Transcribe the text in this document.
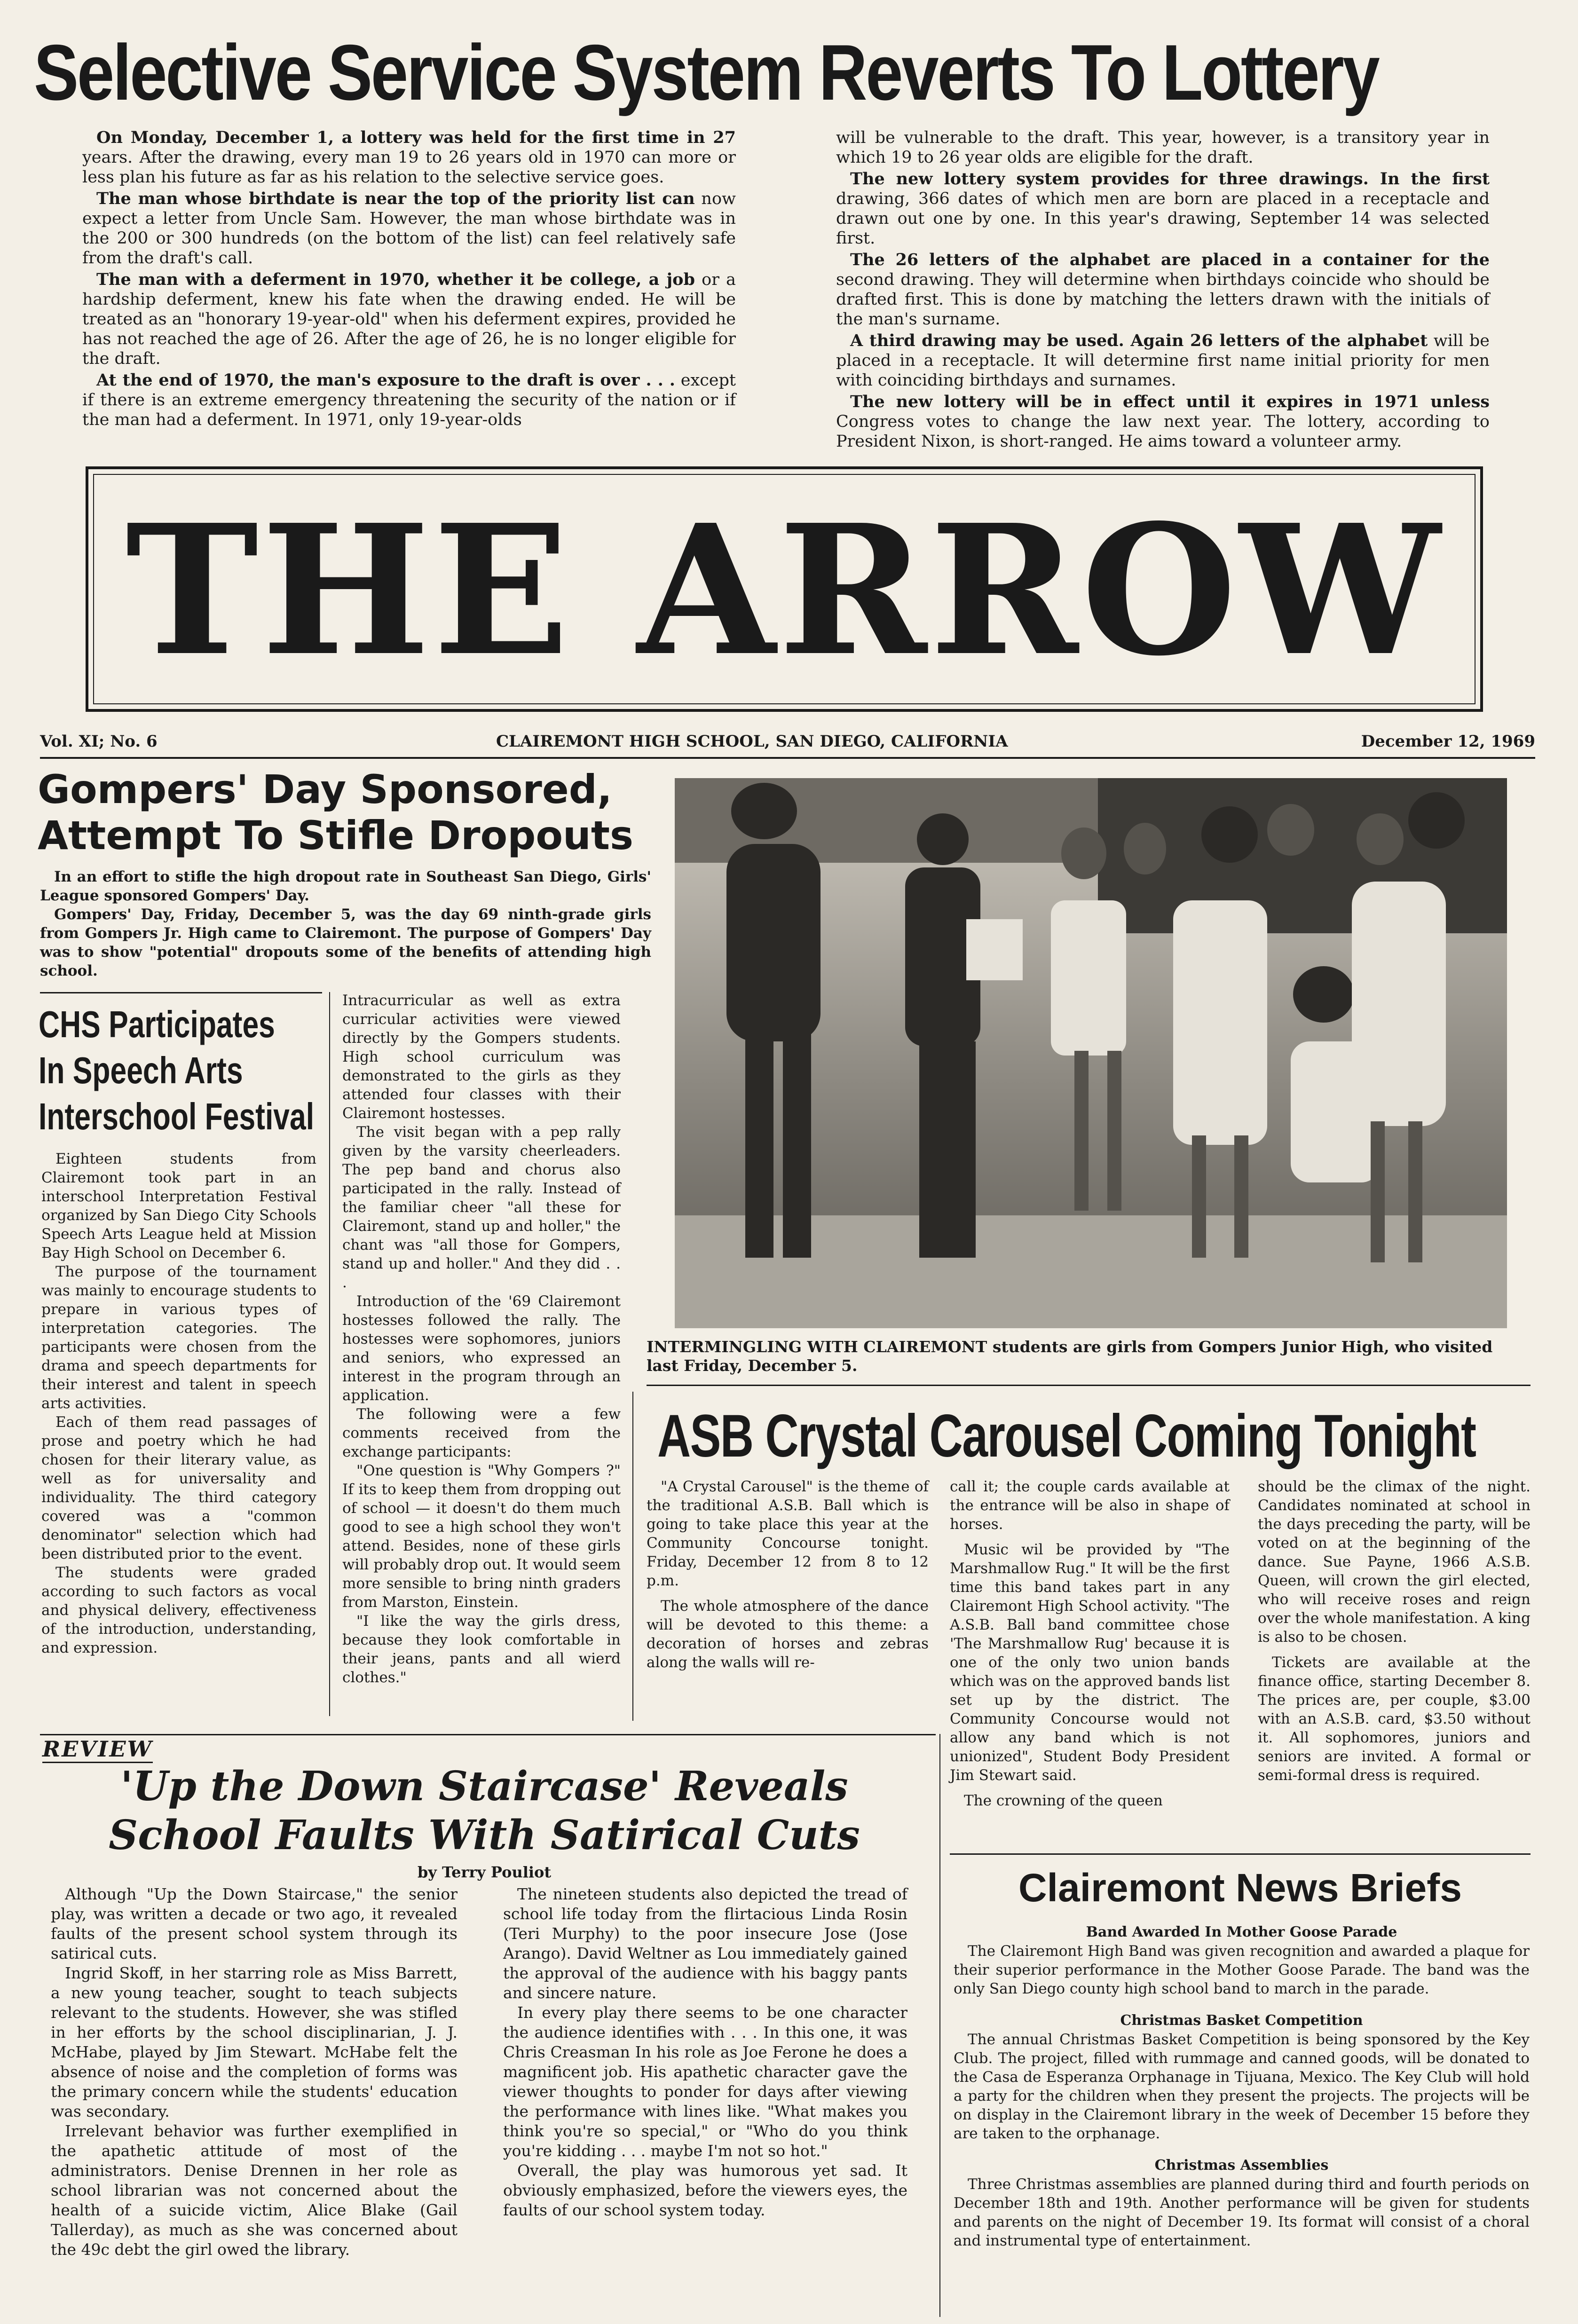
Selective Service System Reverts To Lottery

On Monday, December 1, a lottery was held for the first time in 27 years. After the drawing, every man 19 to 26 years old in 1970 can more or less plan his future as far as his relation to the selective service goes.

The man whose birthdate is near the top of the priority list can now expect a letter from Uncle Sam. However, the man whose birthdate was in the 200 or 300 hundreds (on the bottom of the list) can feel relatively safe from the draft's call.

The man with a deferment in 1970, whether it be college, a job or a hardship deferment, knew his fate when the drawing ended. He will be treated as an "honorary 19-year-old" when his deferment expires, provided he has not reached the age of 26. After the age of 26, he is no longer eligible for the draft.

At the end of 1970, the man's exposure to the draft is over . . . except if there is an extreme emergency threatening the security of the nation or if the man had a deferment. In 1971, only 19-year-olds

will be vulnerable to the draft. This year, however, is a transitory year in which 19 to 26 year olds are eligible for the draft.

The new lottery system provides for three drawings. In the first drawing, 366 dates of which men are born are placed in a receptacle and drawn out one by one. In this year's drawing, September 14 was selected first.

The 26 letters of the alphabet are placed in a container for the second drawing. They will determine when birthdays coincide who should be drafted first. This is done by matching the letters drawn with the initials of the man's surname.

A third drawing may be used. Again 26 letters of the alphabet will be placed in a receptacle. It will determine first name initial priority for men with coinciding birthdays and surnames.

The new lottery will be in effect until it expires in 1971 unless Congress votes to change the law next year. The lottery, according to President Nixon, is short-ranged. He aims toward a volunteer army.

THE ARROW
Vol. XI; No. 6	CLAIREMONT HIGH SCHOOL, SAN DIEGO, CALIFORNIA	December 12, 1969
Gompers' Day Sponsored,
Attempt To Stifle Dropouts

In an effort to stifle the high dropout rate in Southeast San Diego, Girls' League sponsored Gompers' Day.

Gompers' Day, Friday, December 5, was the day 69 ninth-grade girls from Gompers Jr. High came to Clairemont. The purpose of Gompers' Day was to show "potential" dropouts some of the benefits of attending high school.

Intracurricular as well as extra curricular activities were viewed directly by the Gompers students. High school curriculum was demonstrated to the girls as they attended four classes with their Clairemont hostesses.

The visit began with a pep rally given by the varsity cheerleaders. The pep band and chorus also participated in the rally. Instead of the familiar cheer "all these for Clairemont, stand up and holler," the chant was "all those for Gompers, stand up and holler." And they did . . .

Introduction of the '69 Clairemont hostesses followed the rally. The hostesses were sophomores, juniors and seniors, who expressed an interest in the program through an application.

The following were a few comments received from the exchange participants:

"One question is "Why Gompers ?" If its to keep them from dropping out of school — it doesn't do them much good to see a high school they won't attend. Besides, none of these girls will probably drop out. It would seem more sensible to bring ninth graders from Marston, Einstein.

"I like the way the girls dress, because they look comfortable in their jeans, pants and all wierd clothes."

CHS Participates
In Speech Arts
Interschool Festival

Eighteen students from Clairemont took part in an interschool Interpretation Festival organized by San Diego City Schools Speech Arts League held at Mission Bay High School on December 6.

The purpose of the tournament was mainly to encourage students to prepare in various types of interpretation categories. The participants were chosen from the drama and speech departments for their interest and talent in speech arts activities.

Each of them read passages of prose and poetry which he had chosen for their literary value, as well as for universality and individuality. The third category covered was a "common denominator" selection which had been distributed prior to the event.

The students were graded according to such factors as vocal and physical delivery, effectiveness of the introduction, understanding, and expression.

INTERMINGLING WITH CLAIREMONT students are girls from Gompers Junior High, who visited last Friday, December 5.
ASB Crystal Carousel Coming Tonight

"A Crystal Carousel" is the theme of the traditional A.S.B. Ball which is going to take place this year at the Community Concourse tonight. Friday, December 12 from 8 to 12 p.m.

The whole atmosphere of the dance will be devoted to this theme: a decoration of horses and zebras along the walls will re-

call it; the couple cards available at the entrance will be also in shape of horses.

Music wil be provided by "The Marshmallow Rug." It will be the first time this band takes part in any Clairemont High School activity. "The A.S.B. Ball band committee chose 'The Marshmallow Rug' because it is one of the only two union bands which was on the approved bands list set up by the district. The Community Concourse would not allow any band which is not unionized", Student Body President Jim Stewart said.

The crowning of the queen

should be the climax of the night. Candidates nominated at school in the days preceding the party, will be voted on at the beginning of the dance. Sue Payne, 1966 A.S.B. Queen, will crown the girl elected, who will receive roses and reign over the whole manifestation. A king is also to be chosen.

Tickets are available at the finance office, starting December 8. The prices are, per couple, $3.00 with an A.S.B. card, $3.50 without it. All sophomores, juniors and seniors are invited. A formal or semi-formal dress is required.

REVIEW
'Up the Down Staircase' Reveals
School Faults With Satirical Cuts
by Terry Pouliot

Although "Up the Down Staircase," the senior play, was written a decade or two ago, it revealed faults of the present school system through its satirical cuts.

Ingrid Skoff, in her starring role as Miss Barrett, a new young teacher, sought to teach subjects relevant to the students. However, she was stifled in her efforts by the school disciplinarian, J. J. McHabe, played by Jim Stewart. McHabe felt the absence of noise and the completion of forms was the primary concern while the students' education was secondary.

Irrelevant behavior was further exemplified in the apathetic attitude of most of the administrators. Denise Drennen in her role as school librarian was not concerned about the health of a suicide victim, Alice Blake (Gail Tallerday), as much as she was concerned about the 49c debt the girl owed the library.

The nineteen students also depicted the tread of school life today from the flirtacious Linda Rosin (Teri Murphy) to the poor insecure Jose (Jose Arango). David Weltner as Lou immediately gained the approval of the audience with his baggy pants and sincere nature.

In every play there seems to be one character the audience identifies with . . . In this one, it was Chris Creasman In his role as Joe Ferone he does a magnificent job. His apathetic character gave the viewer thoughts to ponder for days after viewing the performance with lines like. "What makes you think you're so special," or "Who do you think you're kidding . . . maybe I'm not so hot."

Overall, the play was humorous yet sad. It obviously emphasized, before the viewers eyes, the faults of our school system today.

Clairemont News Briefs
Band Awarded In Mother Goose Parade

The Clairemont High Band was given recognition and awarded a plaque for their superior performance in the Mother Goose Parade. The band was the only San Diego county high school band to march in the parade.

Christmas Basket Competition

The annual Christmas Basket Competition is being sponsored by the Key Club. The project, filled with rummage and canned goods, will be donated to the Casa de Esperanza Orphanage in Tijuana, Mexico. The Key Club will hold a party for the children when they present the projects. The projects will be on display in the Clairemont library in the week of December 15 before they are taken to the orphanage.

Christmas Assemblies

Three Christmas assemblies are planned during third and fourth periods on December 18th and 19th. Another performance will be given for students and parents on the night of December 19. Its format will consist of a choral and instrumental type of entertainment.
